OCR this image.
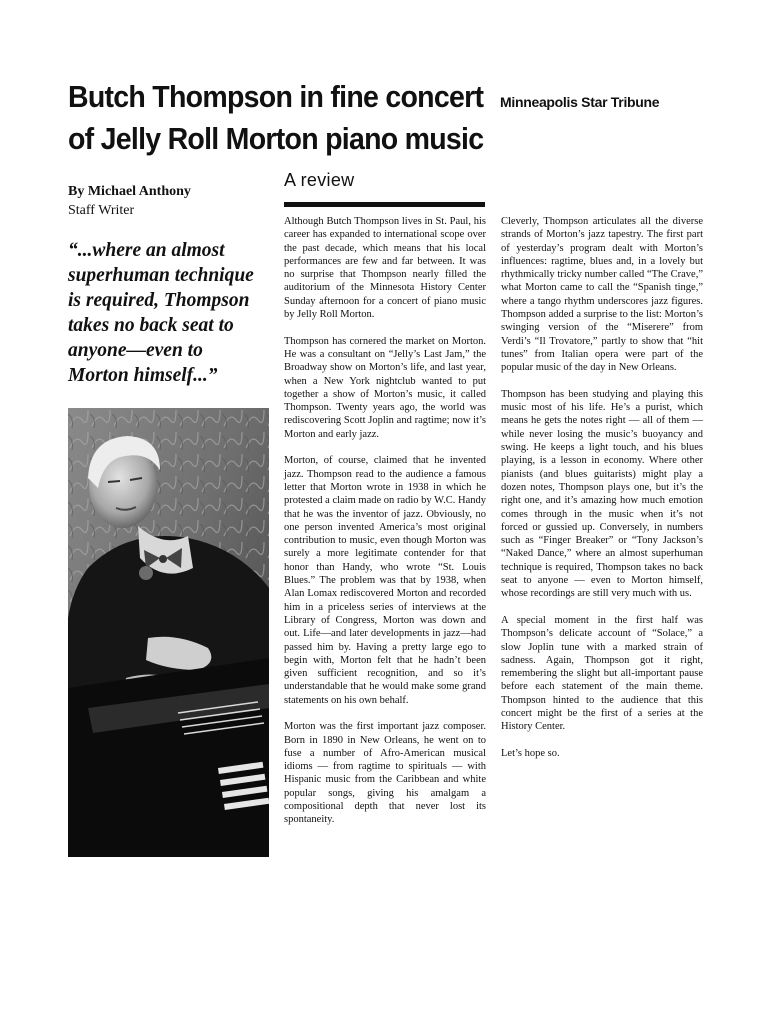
Butch Thompson in fine concert
of Jelly Roll Morton piano music
Minneapolis Star Tribune
By Michael Anthony
Staff Writer
“...where an almost
superhuman technique
is required, Thompson
takes no back seat to
anyone—even to
Morton himself...”
A review

Although Butch Thompson lives in St. Paul, his career has expanded to international scope over the past decade, which means that his local performances are few and far between. It was no surprise that Thompson nearly filled the auditorium of the Minnesota History Center Sunday afternoon for a concert of piano music by Jelly Roll Morton.

Thompson has cornered the market on Morton. He was a consultant on “Jelly’s Last Jam,” the Broadway show on Morton’s life, and last year, when a New York nightclub wanted to put together a show of Morton’s music, it called Thompson. Twenty years ago, the world was rediscovering Scott Joplin and ragtime; now it’s Morton and early jazz.

Morton, of course, claimed that he invented jazz. Thompson read to the audience a famous letter that Morton wrote in 1938 in which he protested a claim made on radio by W.C. Handy that he was the inventor of jazz. Obviously, no one person invented America’s most original contribution to music, even though Morton was surely a more legitimate contender for that honor than Handy, who wrote “St. Louis Blues.” The problem was that by 1938, when Alan Lomax rediscovered Morton and recorded him in a priceless series of interviews at the Library of Congress, Morton was down and out. Life—and later developments in jazz—had passed him by. Having a pretty large ego to begin with, Morton felt that he hadn’t been given sufficient recognition, and so it’s understandable that he would make some grand statements on his own behalf.

Morton was the first important jazz composer. Born in 1890 in New Orleans, he went on to fuse a number of Afro-American musical idioms — from ragtime to spirituals — with Hispanic music from the Caribbean and white popular songs, giving his amalgam a compositional depth that never lost its spontaneity.

Cleverly, Thompson articulates all the diverse strands of Morton’s jazz tapestry. The first part of yesterday’s program dealt with Morton’s influences: ragtime, blues and, in a lovely but rhythmically tricky number called “The Crave,” what Morton came to call the “Spanish tinge,” where a tango rhythm underscores jazz figures. Thompson added a surprise to the list: Morton’s swinging version of the “Miserere” from Verdi’s “Il Trovatore,” partly to show that “hit tunes” from Italian opera were part of the popular music of the day in New Orleans.

Thompson has been studying and playing this music most of his life. He’s a purist, which means he gets the notes right — all of them — while never losing the music’s buoyancy and swing. He keeps a light touch, and his blues playing, is a lesson in economy. Where other pianists (and blues guitarists) might play a dozen notes, Thompson plays one, but it’s the right one, and it’s amazing how much emotion comes through in the music when it’s not forced or gussied up. Conversely, in numbers such as “Finger Breaker” or “Tony Jackson’s “Naked Dance,” where an almost superhuman technique is required, Thompson takes no back seat to anyone — even to Morton himself, whose recordings are still very much with us.

A special moment in the first half was Thompson’s delicate account of “Solace,” a slow Joplin tune with a marked strain of sadness. Again, Thompson got it right, remembering the slight but all-important pause before each statement of the main theme. Thompson hinted to the audience that this concert might be the first of a series at the History Center.

Let’s hope so.
